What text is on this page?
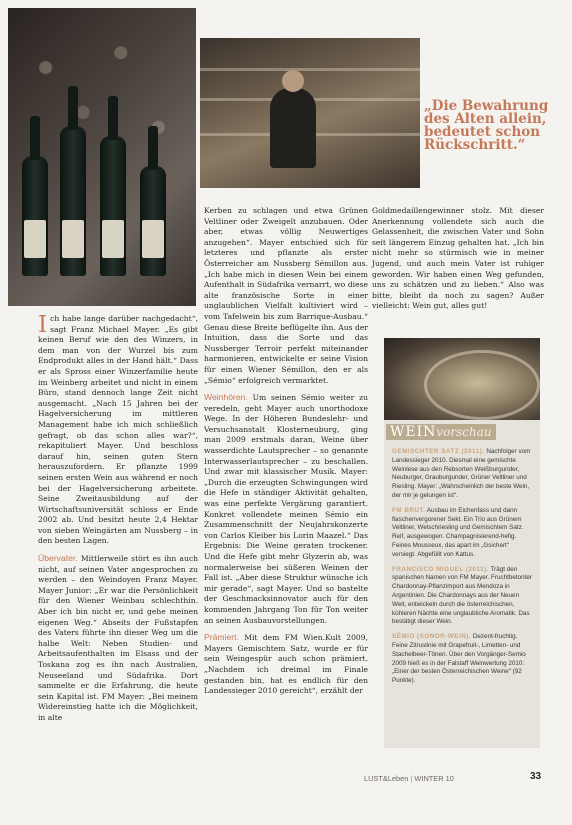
„Die Bewahrung des Alten allein, bedeutet schon Rückschritt.“

Ich habe lange darüber nachgedacht“, sagt Franz Michael Mayer. „Es gibt keinen Beruf wie den des Winzers, in dem man von der Wurzel bis zum Endprodukt alles in der Hand hält.“ Dass er als Spross einer Winzerfamilie heute im Weinberg arbeitet und nicht in einem Büro, stand dennoch lange Zeit nicht ausgemacht. „Nach 15 Jahren bei der Hagelversicherung im mittleren Management habe ich mich schließlich gefragt, ob das schon alles war?“, rekapituliert Mayer. Und beschloss darauf hin, seinen guten Stern herauszufordern. Er pflanzte 1999 seinen ersten Wein aus während er noch bei der Hagelversicherung arbeitete. Seine Zweitausbildung auf der Wirtschaftsuniversität schloss er Ende 2002 ab. Und besitzt heute 2,4 Hektar von sieben Weingärten am Nussberg – in den besten Lagen.

Übervater. Mittlerweile stört es ihn auch nicht, auf seinen Vater angesprochen zu werden – den Weindoyen Franz Mayer. Mayer Junior: „Er war die Persönlichkeit für den Wiener Weinbau schlechthin. Aber ich bin nicht er, und gehe meinen eigenen Weg.“ Abseits der Fußstapfen des Vaters führte ihn dieser Weg um die halbe Welt: Neben Studien- und Arbeitsaufenthalten im Elsass und der Toskana zog es ihn nach Australien, Neuseeland und Südafrika. Dort sammelte er die Erfahrung, die heute sein Kapital ist. FM Mayer: „Bei meinem Widereinstieg hatte ich die Möglichkeit, in alte

Kerben zu schlagen und etwa Grünen Veltliner oder Zweigelt anzubauen. Oder aber, etwas völlig Neuwertiges anzugehen“. Mayer entschied sich für letzteres und pflanzte als erster Österreicher am Nussberg Sémillon aus. „Ich habe mich in diesen Wein bei einem Aufenthalt in Südafrika vernarrt, wo diese alte französische Sorte in einer unglaublichen Vielfalt kultiviert wird – vom Tafelwein bis zum Barrique-Ausbau.“ Genau diese Breite beflügelte ihn. Aus der Intuition, dass die Sorte und das Nussberger Terroir perfekt miteinander harmonieren, entwickelte er seine Vision für einen Wiener Sémillon, den er als „Sémio“ erfolgreich vermarktet.

Weinhören. Um seinen Sémio weiter zu veredeln, geht Mayer auch unorthodoxe Wege. In der Höheren Bundeslehr- und Versuchsanstalt Klosterneuburg, ging man 2009 erstmals daran, Weine über wasserdichte Lautsprecher – so genannte Interwasserlautsprecher – zu beschallen. Und zwar mit klassischer Musik. Mayer: „Durch die erzeugten Schwingungen wird die Hefe in ständiger Aktivität gehalten, was eine perfekte Vergärung garantiert. Konkret vollendete meinen Sémio ein Zusammenschnitt der Neujahrskonzerte von Carlos Kleiber bis Lorin Maazel.“ Das Ergebnis: Die Weine geraten trockener. Und die Hefe gibt mehr Glyzerin ab, was normalerweise bei süßeren Weinen der Fall ist. „Aber diese Struktur wünsche ich mir gerade“, sagt Mayer. Und so bastelte der Geschmacksinnovator auch für den kommenden Jahrgang Ton für Ton weiter an seinen Ausbauvorstellungen.

Prämiert. Mit dem FM Wien.Kult 2009, Mayers Gemischtem Satz, wurde er für sein Weingespür auch schon prämiert. „Nachdem ich dreimal im Finale gestanden bin, hat es endlich für den Landessieger 2010 gereicht“, erzählt der

Goldmedaillengewinner stolz. Mit dieser Anerkennung vollendete sich auch die Gelassenheit, die zwischen Vater und Sohn seit längerem Einzug gehalten hat. „Ich bin nicht mehr so stürmisch wie in meiner Jugend, und auch mein Vater ist ruhiger geworden. Wir haben einen Weg gefunden, uns zu schätzen und zu lieben.“ Also was bitte, bleibt da noch zu sagen? Außer vielleicht: Wein gut, alles gut!

WEINvorschau

GEMISCHTER SATZ (2011). Nachfolger vom Landessieger 2010. Diesmal eine gemischte Weinlese aus den Rebsorten Weißburgunder, Neuburger, Grauburgunder, Grüner Veltliner und Riesling. Mayer: „Wahrscheinlich der beste Wein, der mir je gelungen ist“.

FM BRUT. Ausbau im Eichenfass und dann flaschenvergorener Sekt. Ein Trio aus Grünem Veltliner, Welschriesling und Gemischtem Satz. Reif, ausgewogen. Champagnisierend-hefig. Feines Mousseux, das apart im „Gsichert“ versiegt. Abgefüllt von Kattus.

FRANCISCO MIGUEL (2011). Trägt den spanischen Namen von FM Mayer. Fruchtbetonter Chardonnay-Pflanzimport aus Mendoza in Argentinien. Die Chardonnays aus der Neuen Welt, entwickeln durch die österreichischen, kühleren Nächte eine unglaubliche Aromatik. Das bestätigt dieser Wein.

SÉMIO (SONOR-WEIN). Dezent-fruchtig. Feine Zitruslinie mit Grapefruit-, Limetten- und Stachelbeer-Tönen. Über den Vorgänger-Semio 2009 hieß es in der Falstaff Weinwertung 2010: „Einer der besten Österreichischen Weine“ (92 Punkte).

LUST&Leben | WINTER 10	33
